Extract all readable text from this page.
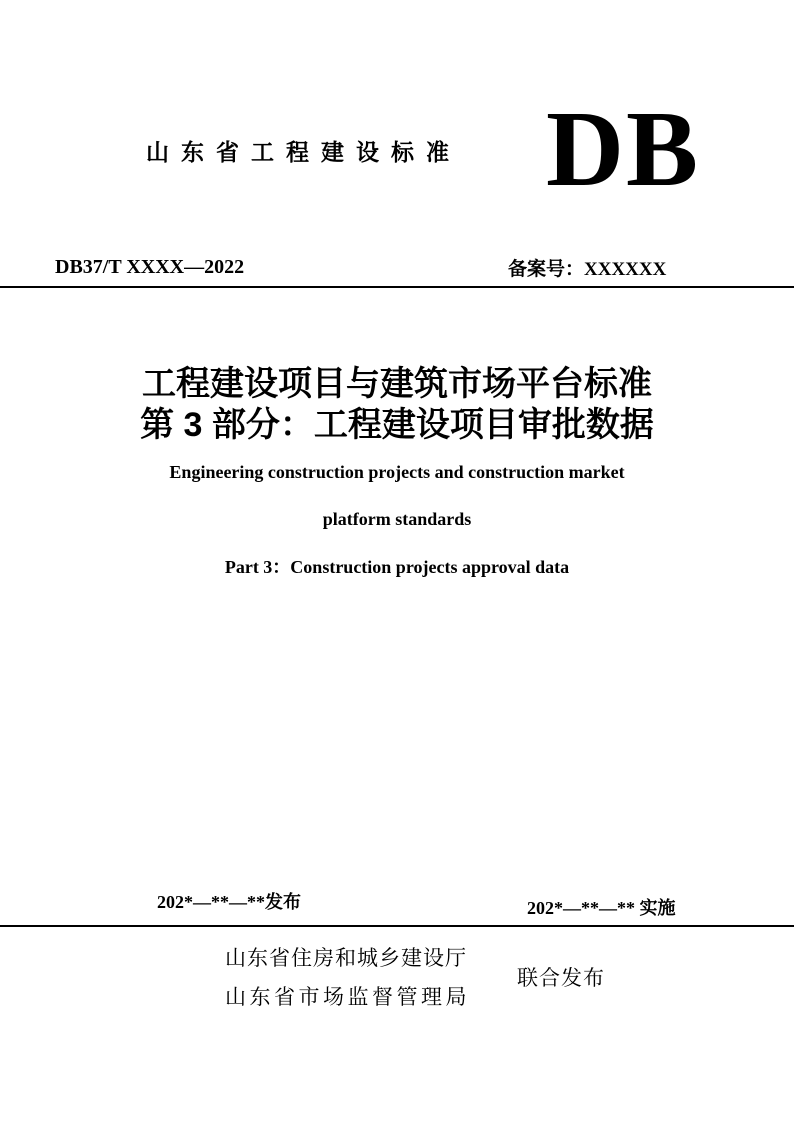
山东省工程建设标准 DB
DB37/T XXXX—2022	备案号：XXXXXX
工程建设项目与建筑市场平台标准
第 3 部分：工程建设项目审批数据
Engineering construction projects and construction market
platform standards
Part 3：Construction projects approval data
202*—**—**发布	202*—**—** 实施
山东省住房和城乡建设厅
山东省市场监督管理局
联合发布
